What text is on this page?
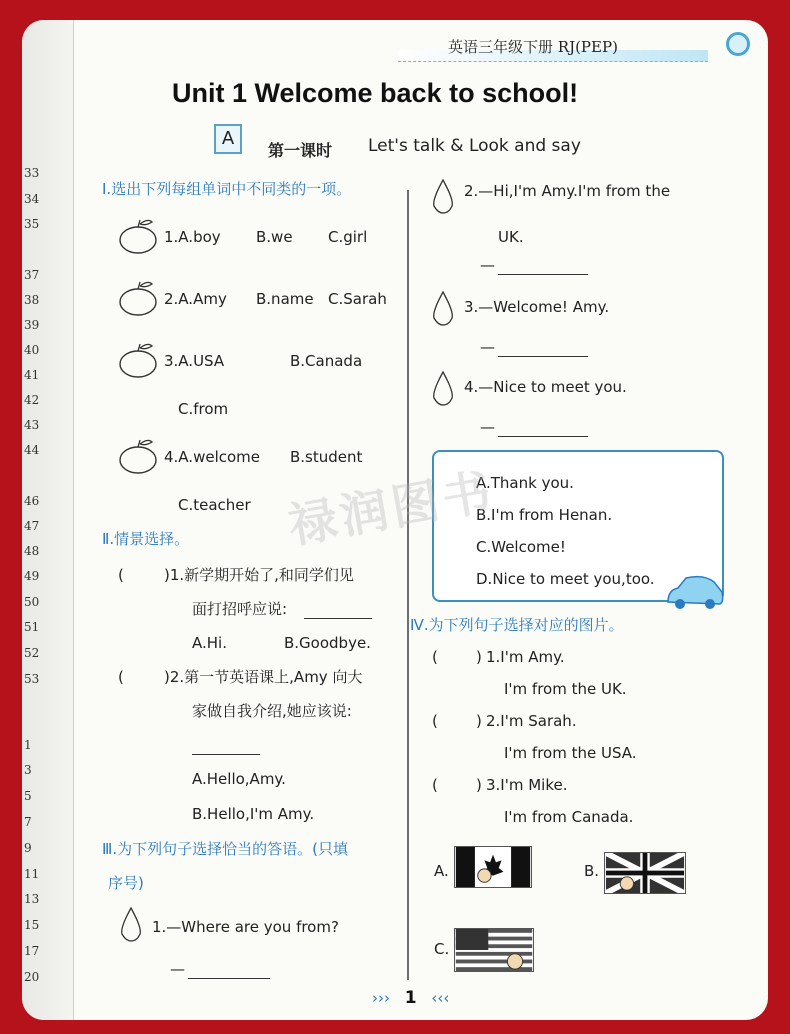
33
34
35
37
38
39
40
41
42
43
44
46
47
48
49
50
51
52
53
1
3
5
7
9
11
13
15
17
20
英语三年级下册 RJ(PEP)
Unit 1 Welcome back to school!
A
第一课时 Let's talk & Look and say
Ⅰ.选出下列每组单词中不同类的一项。
1.A.boy B.we C.girl
2.A.Amy B.name C.Sarah
3.A.USA	B.Canada
C.from
4.A.welcome B.student
C.teacher
Ⅱ.情景选择。
(	)1.新学期开始了,和同学们见
面打招呼应说:
A.Hi.	B.Goodbye.
(	)2.第一节英语课上,Amy 向大
家做自我介绍,她应该说:
A.Hello,Amy.
B.Hello,I'm Amy.
Ⅲ.为下列句子选择恰当的答语。(只填
序号)
1.—Where are you from?
—
2.—Hi,I'm Amy.I'm from the
UK.
—
3.—Welcome! Amy.
—
4.—Nice to meet you.
—
A.Thank you.
B.I'm from Henan.
C.Welcome!
D.Nice to meet you,too.
Ⅳ.为下列句子选择对应的图片。
(	) 1.I'm Amy.
I'm from the UK.
(	) 2.I'm Sarah.
I'm from the USA.
(	) 3.I'm Mike.
I'm from Canada.
A.	B.
C.
禄润图书
››› 1 ‹‹‹
